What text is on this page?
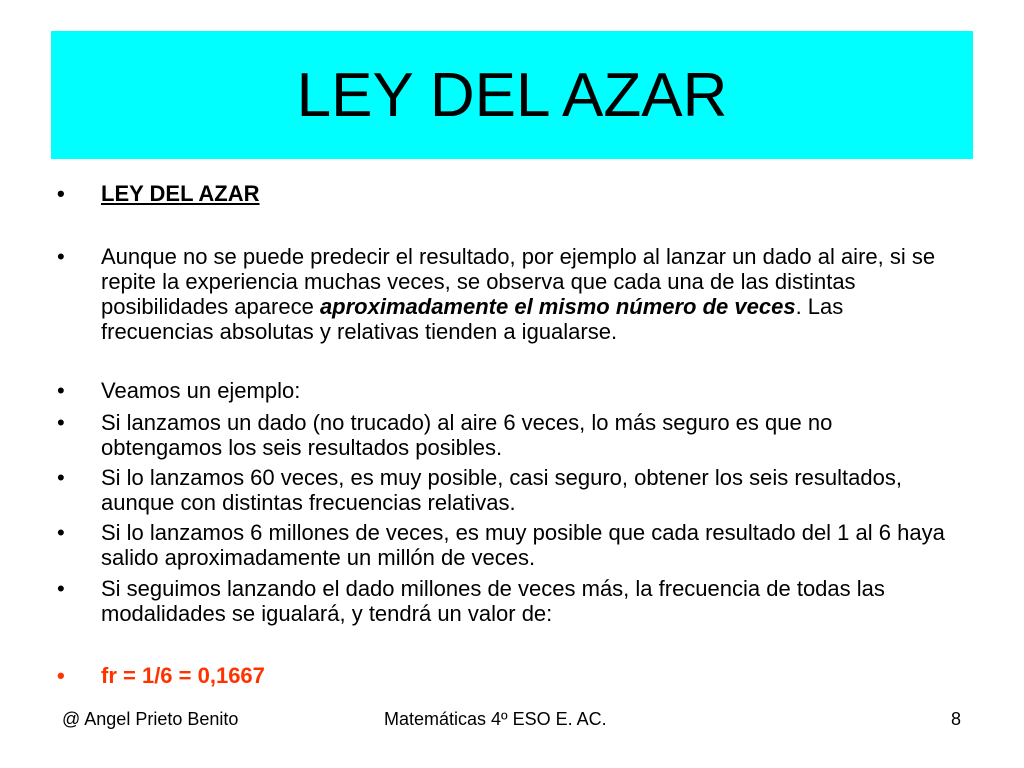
LEY DEL AZAR
•	LEY DEL AZAR
•	Aunque no se puede predecir el resultado, por ejemplo al lanzar un dado al aire, si se repite la experiencia muchas veces, se observa que cada una de las distintas posibilidades aparece aproximadamente el mismo número de veces. Las frecuencias absolutas y relativas tienden a igualarse.
•	Veamos un ejemplo:
•	Si lanzamos un dado (no trucado) al aire 6 veces, lo más seguro es que no obtengamos los seis resultados posibles.
•	Si lo lanzamos 60 veces, es muy posible, casi seguro, obtener los seis resultados, aunque con distintas frecuencias relativas.
•	Si lo lanzamos 6 millones de veces, es muy posible que cada resultado del 1 al 6 haya salido aproximadamente un millón de veces.
•	Si seguimos lanzando el dado millones de veces más, la frecuencia de todas las modalidades se igualará, y tendrá un valor de:
•	fr = 1/6 = 0,1667
@ Angel Prieto Benito	Matemáticas 4º ESO E. AC.	8
